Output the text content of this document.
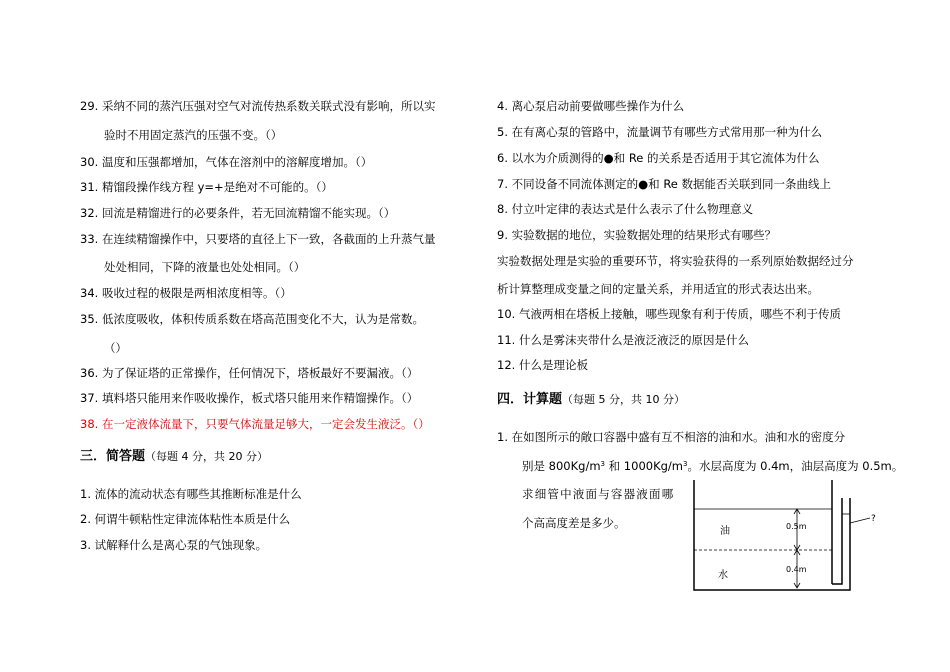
29. 采纳不同的蒸汽压强对空气对流传热系数关联式没有影响，所以实
验时不用固定蒸汽的压强不变。（）
30. 温度和压强都增加，气体在溶剂中的溶解度增加。（）
31. 精馏段操作线方程 y=+是绝对不可能的。（）
32. 回流是精馏进行的必要条件，若无回流精馏不能实现。（）
33. 在连续精馏操作中，只要塔的直径上下一致，各截面的上升蒸气量
处处相同，下降的液量也处处相同。（）
34. 吸收过程的极限是两相浓度相等。（）
35. 低浓度吸收，体积传质系数在塔高范围变化不大，认为是常数。
（）
36. 为了保证塔的正常操作，任何情况下，塔板最好不要漏液。（）
37. 填料塔只能用来作吸收操作，板式塔只能用来作精馏操作。（）
38. 在一定液体流量下，只要气体流量足够大，一定会发生液泛。（）
三．简答题（每题 4 分，共 20 分）
1. 流体的流动状态有哪些其推断标准是什么
2. 何谓牛顿粘性定律流体粘性本质是什么
3. 试解释什么是离心泵的气蚀现象。
4. 离心泵启动前要做哪些操作为什么
5. 在有离心泵的管路中，流量调节有哪些方式常用那一种为什么
6. 以水为介质测得的●和 Re 的关系是否适用于其它流体为什么
7. 不同设备不同流体测定的●和 Re 数据能否关联到同一条曲线上
8. 付立叶定律的表达式是什么表示了什么物理意义
9. 实验数据的地位，实验数据处理的结果形式有哪些？
实验数据处理是实验的重要环节，将实验获得的一系列原始数据经过分
析计算整理成变量之间的定量关系，并用适宜的形式表达出来。
10. 气液两相在塔板上接触，哪些现象有利于传质，哪些不利于传质
11. 什么是雾沫夹带什么是液泛液泛的原因是什么
12. 什么是理论板
四．计算题（每题 5 分，共 10 分）
1. 在如图所示的敞口容器中盛有互不相溶的油和水。油和水的密度分
别是 $800Kg/m^3$ 和 $1000Kg/m^3$。水层高度为 0.4m，油层高度为 0.5m。
求细管中液面与容器液面哪
个高高度差是多少。
油
水
0.5m
0.4m
?
